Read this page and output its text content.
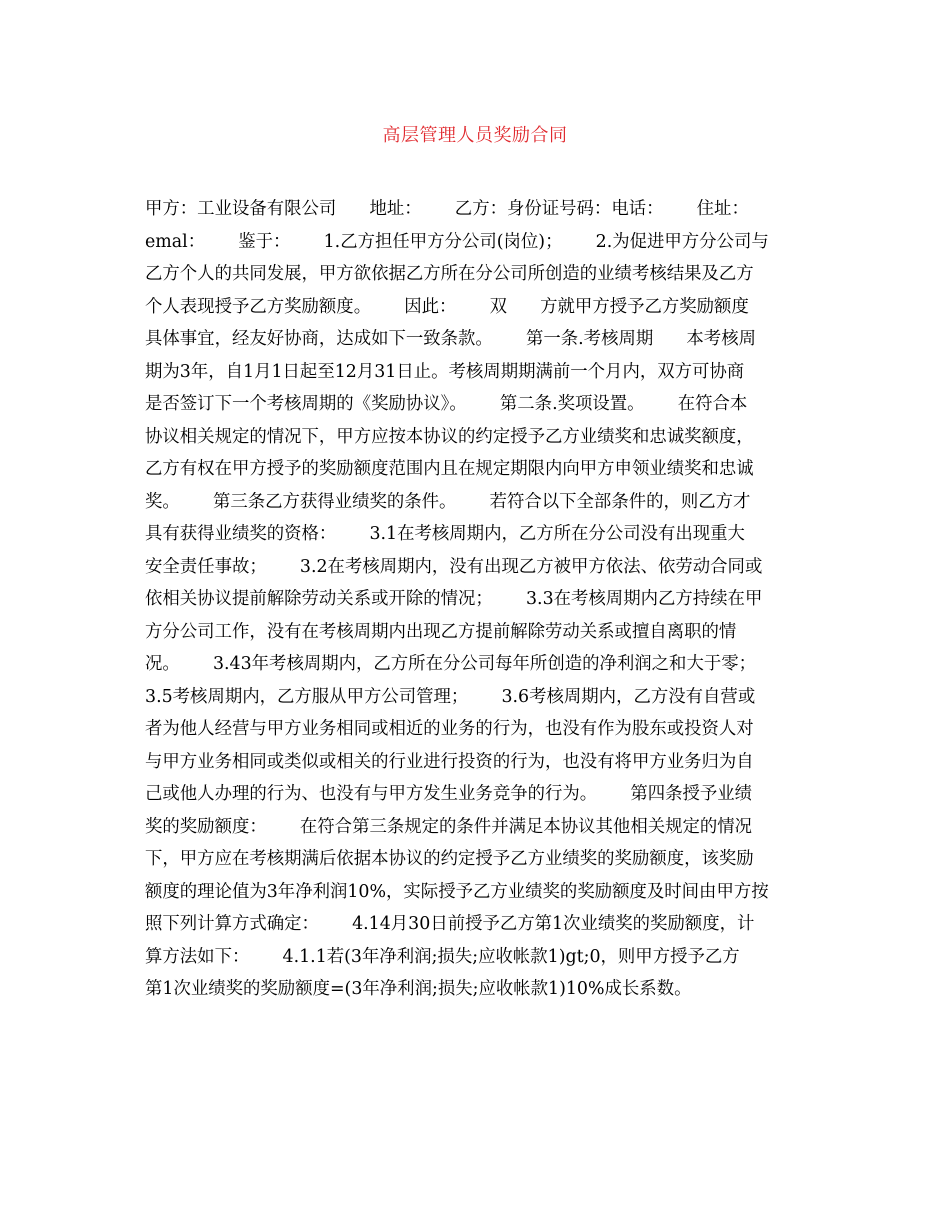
高层管理人员奖励合同
甲方：工业设备有限公司      地址：      乙方：身份证号码：电话：      住址：
emal：      鉴于：      1.乙方担任甲方分公司(岗位)；      2.为促进甲方分公司与
乙方个人的共同发展，甲方欲依据乙方所在分公司所创造的业绩考核结果及乙方
个人表现授予乙方奖励额度。      因此：      双      方就甲方授予乙方奖励额度
具体事宜，经友好协商，达成如下一致条款。      第一条.考核周期      本考核周
期为3年，自1月1日起至12月31日止。考核周期期满前一个月内，双方可协商
是否签订下一个考核周期的《奖励协议》。      第二条.奖项设置。      在符合本
协议相关规定的情况下，甲方应按本协议的约定授予乙方业绩奖和忠诚奖额度，
乙方有权在甲方授予的奖励额度范围内且在规定期限内向甲方申领业绩奖和忠诚
奖。      第三条乙方获得业绩奖的条件。      若符合以下全部条件的，则乙方才
具有获得业绩奖的资格：      3.1在考核周期内，乙方所在分公司没有出现重大
安全责任事故；      3.2在考核周期内，没有出现乙方被甲方依法、依劳动合同或
依相关协议提前解除劳动关系或开除的情况；      3.3在考核周期内乙方持续在甲
方分公司工作，没有在考核周期内出现乙方提前解除劳动关系或擅自离职的情
况。      3.43年考核周期内，乙方所在分公司每年所创造的净利润之和大于零；
3.5考核周期内，乙方服从甲方公司管理；      3.6考核周期内，乙方没有自营或
者为他人经营与甲方业务相同或相近的业务的行为，也没有作为股东或投资人对
与甲方业务相同或类似或相关的行业进行投资的行为，也没有将甲方业务归为自
己或他人办理的行为、也没有与甲方发生业务竞争的行为。      第四条授予业绩
奖的奖励额度：      在符合第三条规定的条件并满足本协议其他相关规定的情况
下，甲方应在考核期满后依据本协议的约定授予乙方业绩奖的奖励额度，该奖励
额度的理论值为3年净利润10%，实际授予乙方业绩奖的奖励额度及时间由甲方按
照下列计算方式确定：      4.14月30日前授予乙方第1次业绩奖的奖励额度，计
算方法如下：      4.1.1若(3年净利润;损失;应收帐款1)gt;0，则甲方授予乙方
第1次业绩奖的奖励额度=(3年净利润;损失;应收帐款1)10%成长系数。
